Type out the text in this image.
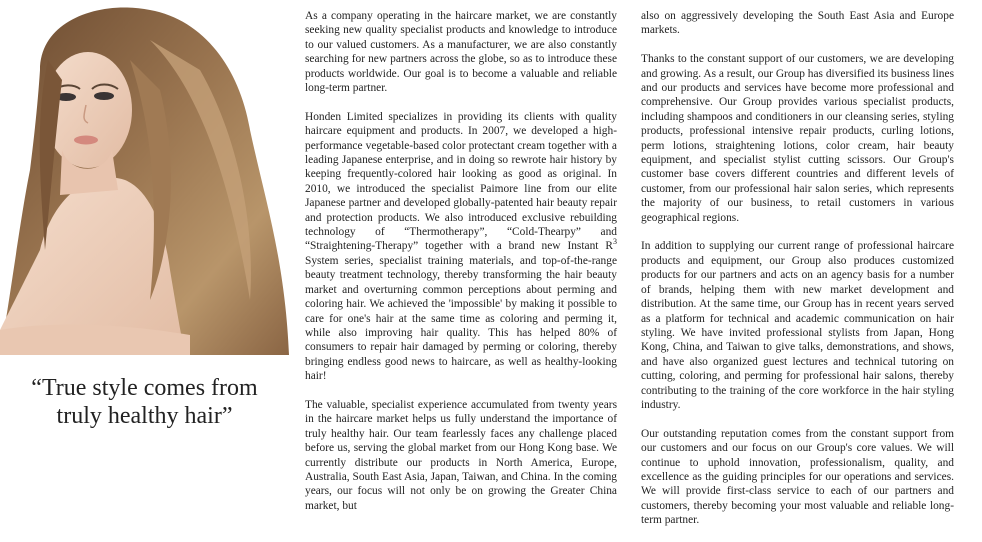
“True style comes from
truly healthy hair”

As a company operating in the haircare market, we are constantly seeking new quality specialist products and knowledge to introduce to our valued customers. As a manufacturer, we are also constantly searching for new partners across the globe, so as to introduce these products worldwide. Our goal is to become a valuable and reliable long-term partner.

Honden Limited specializes in providing its clients with quality haircare equipment and products. In 2007, we developed a high-performance vegetable-based color protectant cream together with a leading Japanese enterprise, and in doing so rewrote hair history by keeping frequently-colored hair looking as good as original. In 2010, we introduced the specialist Paimore line from our elite Japanese partner and developed globally-patented hair beauty repair and protection products. We also introduced exclusive rebuilding technology of “Thermotherapy”, “Cold-Thearpy” and “Straightening-Therapy” together with a brand new Instant $R^3$ System series, specialist training materials, and top-of-the-range beauty treatment technology, thereby transforming the hair beauty market and overturning common perceptions about perming and coloring hair. We achieved the 'impossible' by making it possible to care for one's hair at the same time as coloring and perming it, while also improving hair quality. This has helped 80% of consumers to repair hair damaged by perming or coloring, thereby bringing endless good news to haircare, as well as healthy-looking hair!

The valuable, specialist experience accumulated from twenty years in the haircare market helps us fully understand the importance of truly healthy hair. Our team fearlessly faces any challenge placed before us, serving the global market from our Hong Kong base. We currently distribute our products in North America, Europe, Australia, South East Asia, Japan, Taiwan, and China. In the coming years, our focus will not only be on growing the Greater China market, but

also on aggressively developing the South East Asia and Europe markets.

Thanks to the constant support of our customers, we are developing and growing. As a result, our Group has diversified its business lines and our products and services have become more professional and comprehensive. Our Group provides various specialist products, including shampoos and conditioners in our cleansing series, styling products, professional intensive repair products, curling lotions, perm lotions, straightening lotions, color cream, hair beauty equipment, and specialist stylist cutting scissors. Our Group's customer base covers different countries and different levels of customer, from our professional hair salon series, which represents the majority of our business, to retail customers in various geographical regions.

In addition to supplying our current range of professional haircare products and equipment, our Group also produces customized products for our partners and acts on an agency basis for a number of brands, helping them with new market development and distribution. At the same time, our Group has in recent years served as a platform for technical and academic communication on hair styling. We have invited professional stylists from Japan, Hong Kong, China, and Taiwan to give talks, demonstrations, and shows, and have also organized guest lectures and technical tutoring on cutting, coloring, and perming for professional hair salons, thereby contributing to the training of the core workforce in the hair styling industry.

Our outstanding reputation comes from the constant support from our customers and our focus on our Group's core values. We will continue to uphold innovation, professionalism, quality, and excellence as the guiding principles for our operations and services. We will provide first-class service to each of our partners and customers, thereby becoming your most valuable and reliable long-term partner.
